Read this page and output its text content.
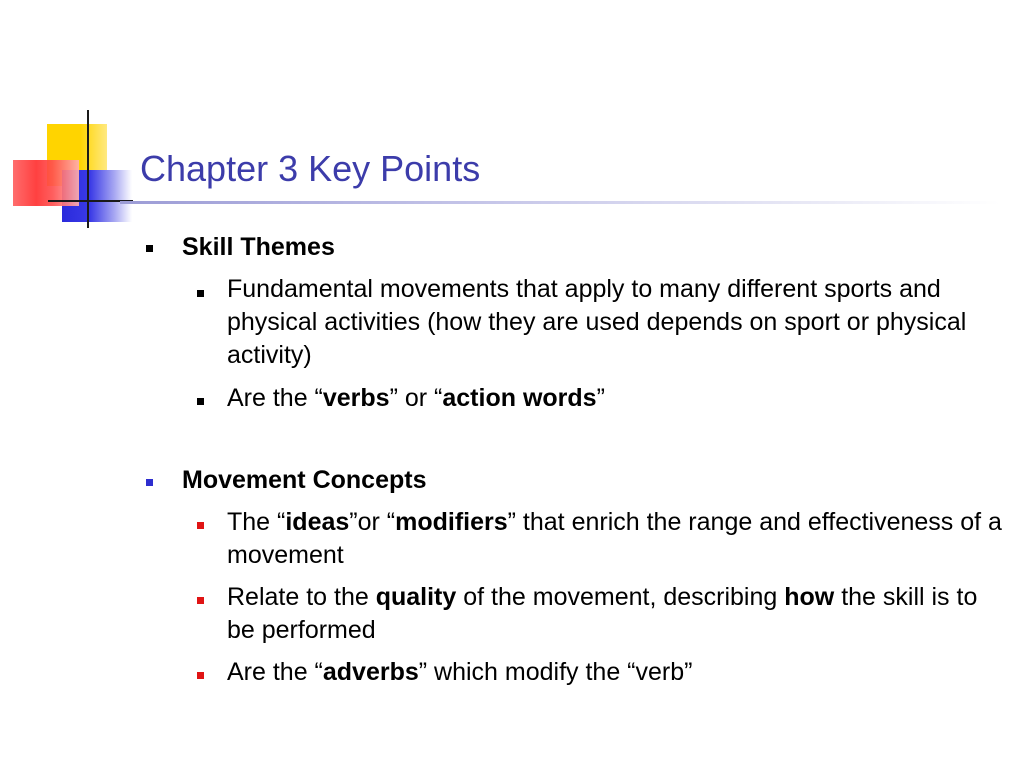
Chapter 3 Key Points
Skill Themes
Fundamental movements that apply to many different sports and physical activities (how they are used depends on sport or physical activity)
Are the “verbs” or “action words”
Movement Concepts
The “ideas”or “modifiers” that enrich the range and effectiveness of a movement
Relate to the quality of the movement, describing how the skill is to be performed
Are the “adverbs” which modify the “verb”
